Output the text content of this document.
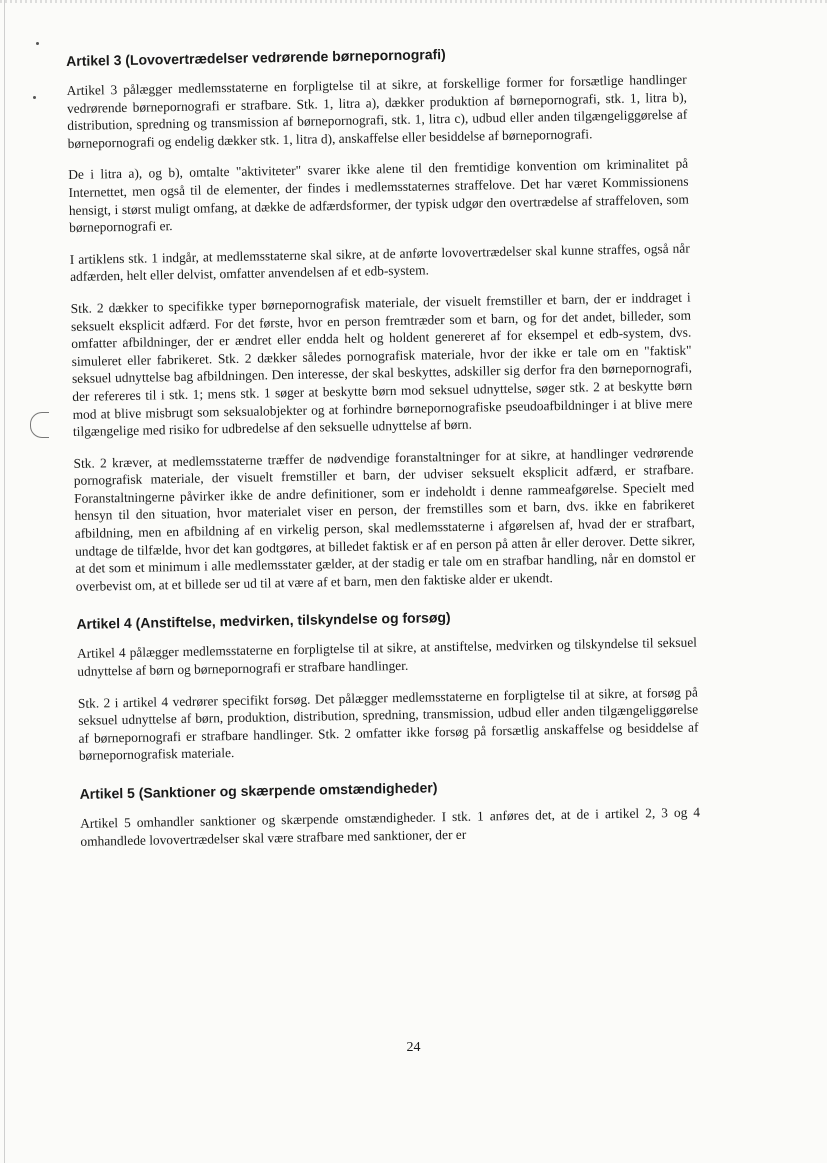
Artikel 3 (Lovovertrædelser vedrørende børnepornografi)

Artikel 3 pålægger medlemsstaterne en forpligtelse til at sikre, at forskellige former for forsætlige handlinger vedrørende børnepornografi er strafbare. Stk. 1, litra a), dækker produktion af børnepornografi, stk. 1, litra b), distribution, spredning og transmission af børnepornografi, stk. 1, litra c), udbud eller anden tilgængeliggørelse af børnepornografi og endelig dækker stk. 1, litra d), anskaffelse eller besiddelse af børnepornografi.

De i litra a), og b), omtalte "aktiviteter" svarer ikke alene til den fremtidige konvention om kriminalitet på Internettet, men også til de elementer, der findes i medlemsstaternes straffelove. Det har været Kommissionens hensigt, i størst muligt omfang, at dække de adfærdsformer, der typisk udgør den overtrædelse af straffeloven, som børnepornografi er.

I artiklens stk. 1 indgår, at medlemsstaterne skal sikre, at de anførte lovovertrædelser skal kunne straffes, også når adfærden, helt eller delvist, omfatter anvendelsen af et edb-system.

Stk. 2 dækker to specifikke typer børnepornografisk materiale, der visuelt fremstiller et barn, der er inddraget i seksuelt eksplicit adfærd. For det første, hvor en person fremtræder som et barn, og for det andet, billeder, som omfatter afbildninger, der er ændret eller endda helt og holdent genereret af for eksempel et edb-system, dvs. simuleret eller fabrikeret. Stk. 2 dækker således pornografisk materiale, hvor der ikke er tale om en "faktisk" seksuel udnyttelse bag afbildningen. Den interesse, der skal beskyttes, adskiller sig derfor fra den børnepornografi, der refereres til i stk. 1; mens stk. 1 søger at beskytte børn mod seksuel udnyttelse, søger stk. 2 at beskytte børn mod at blive misbrugt som seksualobjekter og at forhindre børnepornografiske pseudoafbildninger i at blive mere tilgængelige med risiko for udbredelse af den seksuelle udnyttelse af børn.

Stk. 2 kræver, at medlemsstaterne træffer de nødvendige foranstaltninger for at sikre, at handlinger vedrørende pornografisk materiale, der visuelt fremstiller et barn, der udviser seksuelt eksplicit adfærd, er strafbare. Foranstaltningerne påvirker ikke de andre definitioner, som er indeholdt i denne rammeafgørelse. Specielt med hensyn til den situation, hvor materialet viser en person, der fremstilles som et barn, dvs. ikke en fabrikeret afbildning, men en afbildning af en virkelig person, skal medlemsstaterne i afgørelsen af, hvad der er strafbart, undtage de tilfælde, hvor det kan godtgøres, at billedet faktisk er af en person på atten år eller derover. Dette sikrer, at det som et minimum i alle medlemsstater gælder, at der stadig er tale om en strafbar handling, når en domstol er overbevist om, at et billede ser ud til at være af et barn, men den faktiske alder er ukendt.

Artikel 4 (Anstiftelse, medvirken, tilskyndelse og forsøg)

Artikel 4 pålægger medlemsstaterne en forpligtelse til at sikre, at anstiftelse, medvirken og tilskyndelse til seksuel udnyttelse af børn og børnepornografi er strafbare handlinger.

Stk. 2 i artikel 4 vedrører specifikt forsøg. Det pålægger medlemsstaterne en forpligtelse til at sikre, at forsøg på seksuel udnyttelse af børn, produktion, distribution, spredning, transmission, udbud eller anden tilgængeliggørelse af børnepornografi er strafbare handlinger. Stk. 2 omfatter ikke forsøg på forsætlig anskaffelse og besiddelse af børnepornografisk materiale.

Artikel 5 (Sanktioner og skærpende omstændigheder)

Artikel 5 omhandler sanktioner og skærpende omstændigheder. I stk. 1 anføres det, at de i artikel 2, 3 og 4 omhandlede lovovertrædelser skal være strafbare med sanktioner, der er

24
